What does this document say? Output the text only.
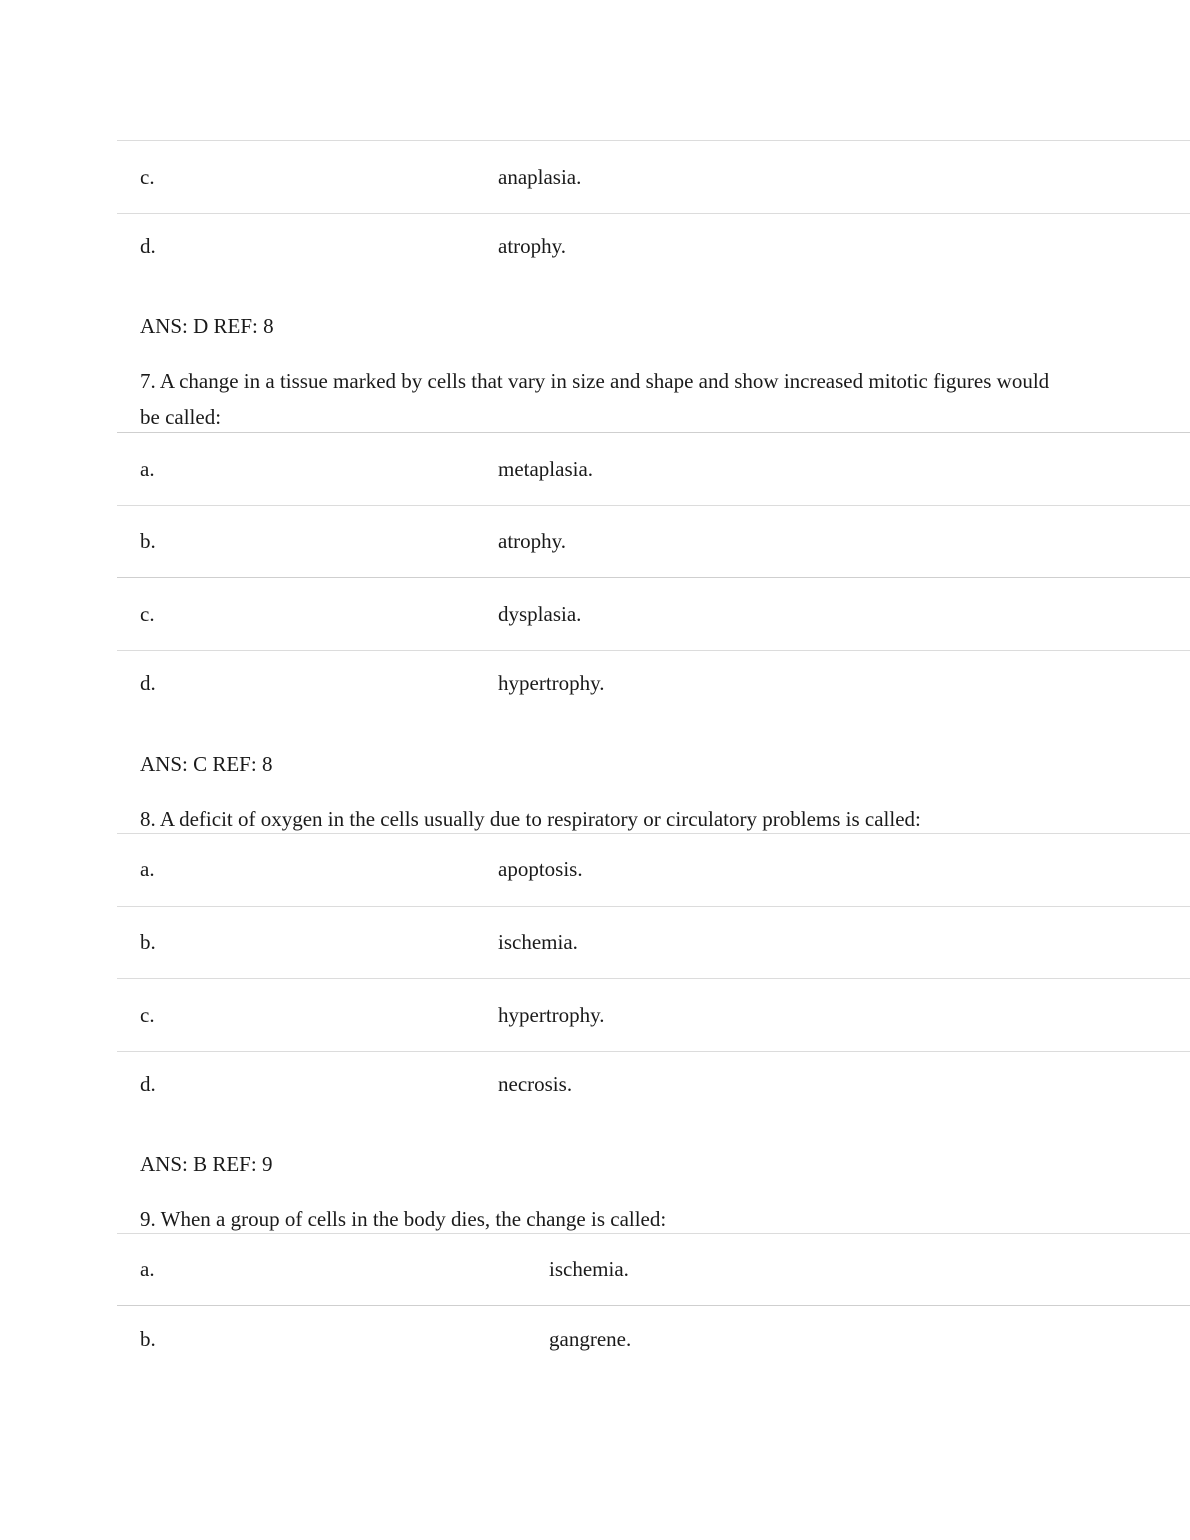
c.	anaplasia.
d.	atrophy.
ANS: D REF: 8
7. A change in a tissue marked by cells that vary in size and shape and show increased mitotic figures would be called:
a.	metaplasia.
b.	atrophy.
c.	dysplasia.
d.	hypertrophy.
ANS: C REF: 8
8. A deficit of oxygen in the cells usually due to respiratory or circulatory problems is called:
a.	apoptosis.
b.	ischemia.
c.	hypertrophy.
d.	necrosis.
ANS: B REF: 9
9. When a group of cells in the body dies, the change is called:
a.	ischemia.
b.	gangrene.
